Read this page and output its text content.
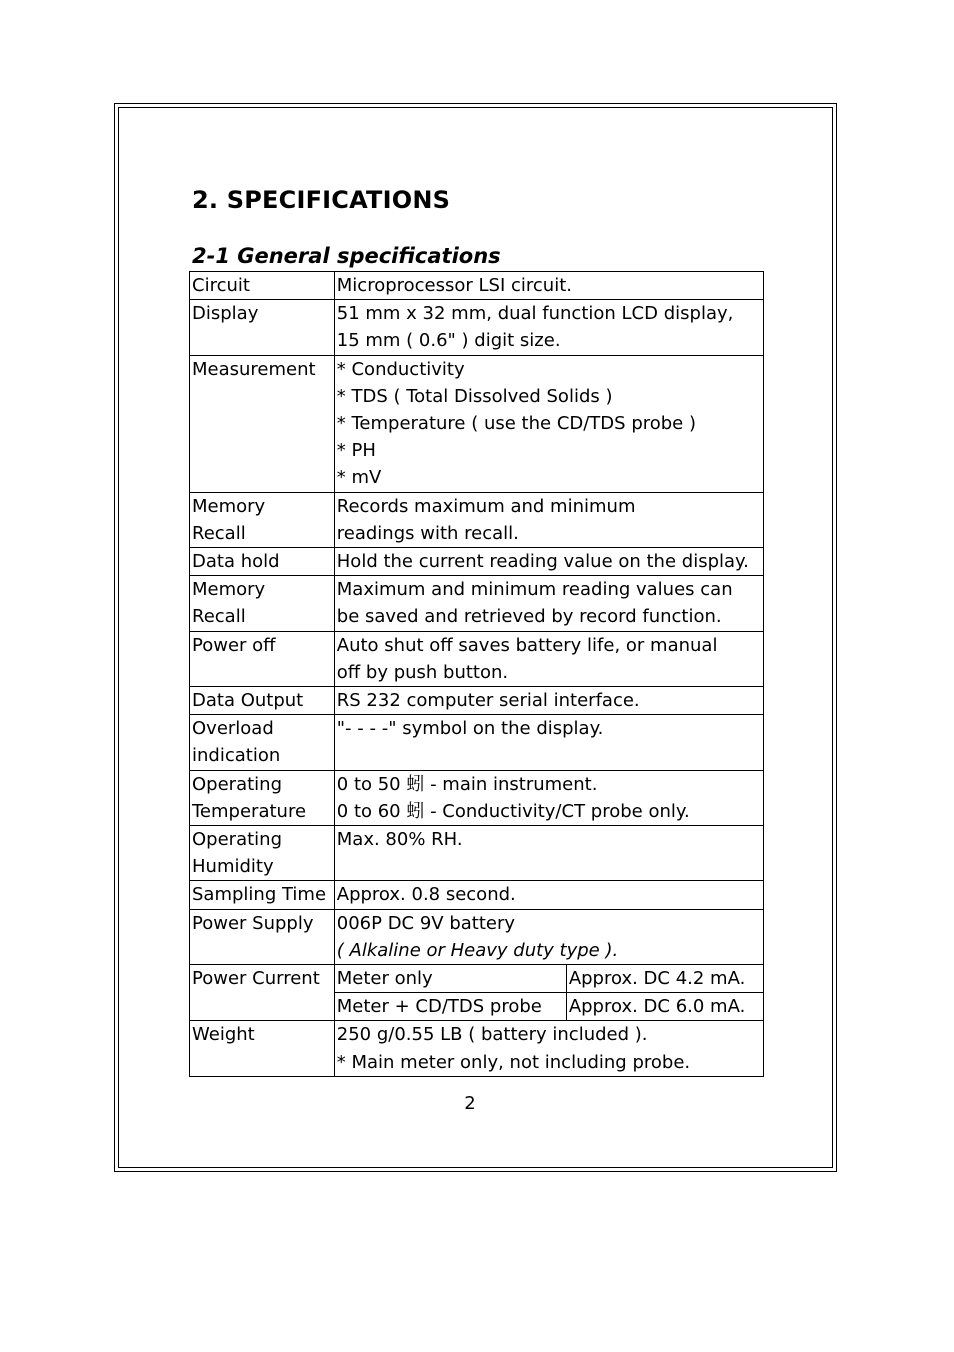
2. SPECIFICATIONS
2-1 General specifications
Circuit	Microprocessor LSI circuit.	

Display	51 mm x 32 mm, dual function LCD display,
15 mm ( 0.6" ) digit size.	

Measurement	* Conductivity
* TDS ( Total Dissolved Solids )
* Temperature ( use the CD/TDS probe )
* PH
* mV	

Memory
Recall	Records maximum and minimum
readings with recall.	

Data hold	Hold the current reading value on the display.	

Memory
Recall	Maximum and minimum reading values can
be saved and retrieved by record function.	

Power off	Auto shut off saves battery life, or manual
off by push button.	

Data Output	RS 232 computer serial interface.	

Overload
indication	"- - - -" symbol on the display.	

Operating
Temperature	0 to 50 蚓 - main instrument.
0 to 60 蚓 - Conductivity/CT probe only.	

Operating
Humidity	Max. 80% RH.	

Sampling Time	Approx. 0.8 second.	

Power Supply	006P DC 9V battery
( Alkaline or Heavy duty type ).	

Power Current	Meter only	Approx. DC 4.2 mA.

	Meter + CD/TDS probe	Approx. DC 6.0 mA.

Weight	250 g/0.55 LB ( battery included ).
* Main meter only, not including probe.	
2
